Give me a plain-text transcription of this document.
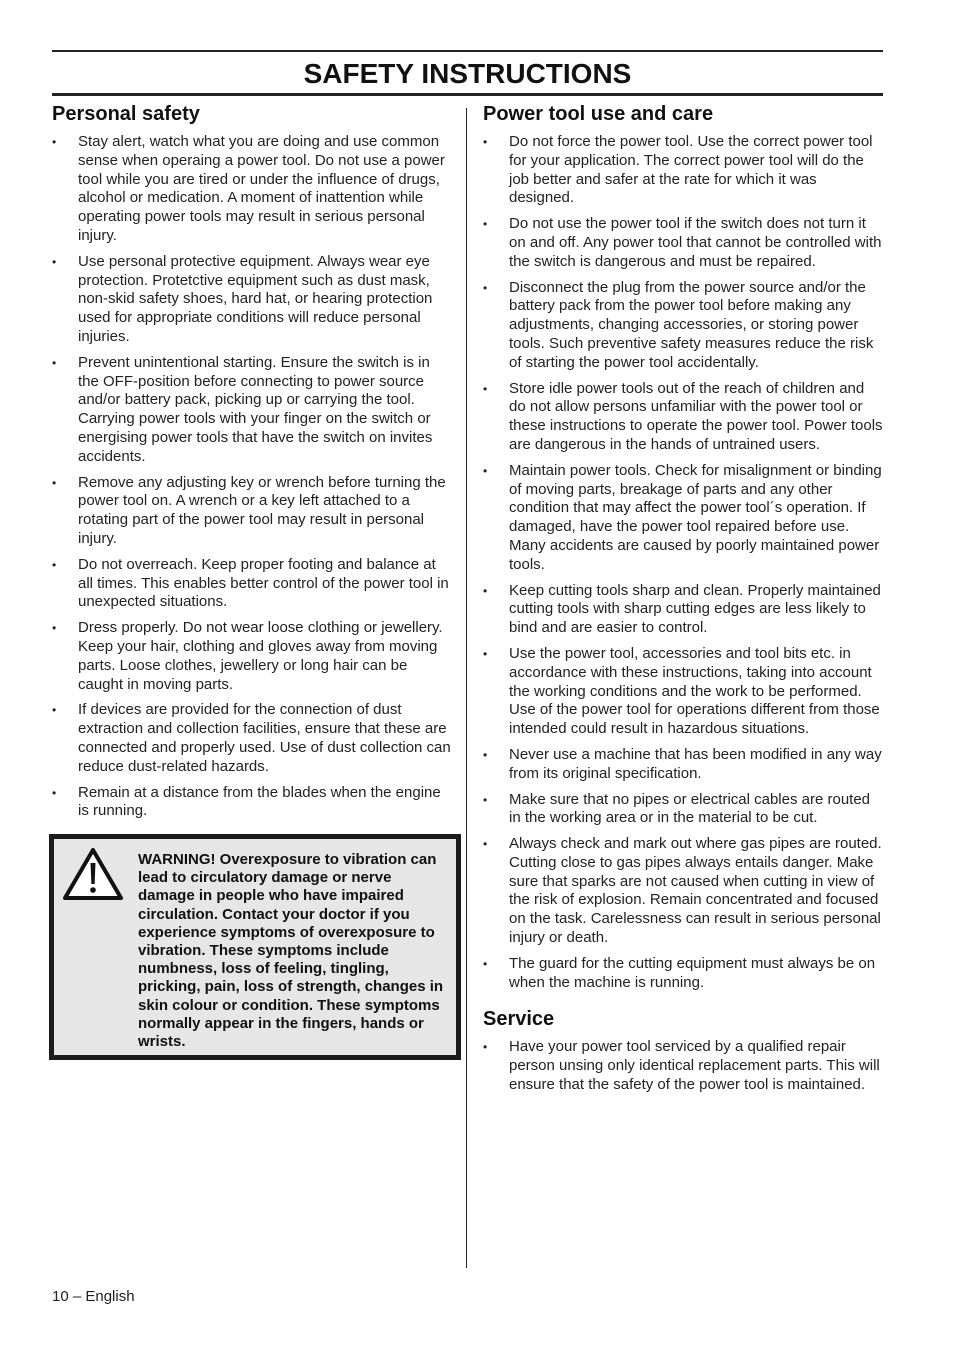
SAFETY INSTRUCTIONS
Personal safety
• Stay alert, watch what you are doing and use common sense when operaing a power tool. Do not use a power tool while you are tired or under the influence of drugs, alcohol or medication. A moment of inattention while operating power tools may result in serious personal injury.
• Use personal protective equipment. Always wear eye protection. Protetctive equipment such as dust mask, non-skid safety shoes, hard hat, or hearing protection used for appropriate conditions will reduce personal injuries.
• Prevent unintentional starting. Ensure the switch is in the OFF-position before connecting to power source and/or battery pack, picking up or carrying the tool. Carrying power tools with your finger on the switch or energising power tools that have the switch on invites accidents.
• Remove any adjusting key or wrench before turning the power tool on. A wrench or a key left attached to a rotating part of the power tool may result in personal injury.
• Do not overreach. Keep proper footing and balance at all times. This enables better control of the power tool in unexpected situations.
• Dress properly. Do not wear loose clothing or jewellery. Keep your hair, clothing and gloves away from moving parts. Loose clothes, jewellery or long hair can be caught in moving parts.
• If devices are provided for the connection of dust extraction and collection facilities, ensure that these are connected and properly used. Use of dust collection can reduce dust-related hazards.
• Remain at a distance from the blades when the engine is running.
WARNING! Overexposure to vibration can lead to circulatory damage or nerve damage in people who have impaired circulation. Contact your doctor if you experience symptoms of overexposure to vibration. These symptoms include numbness, loss of feeling, tingling, pricking, pain, loss of strength, changes in skin colour or condition. These symptoms normally appear in the fingers, hands or wrists.
Power tool use and care
• Do not force the power tool. Use the correct power tool for your application. The correct power tool will do the job better and safer at the rate for which it was designed.
• Do not use the power tool if the switch does not turn it on and off. Any power tool that cannot be controlled with the switch is dangerous and must be repaired.
• Disconnect the plug from the power source and/or the battery pack from the power tool before making any adjustments, changing accessories, or storing power tools. Such preventive safety measures reduce the risk of starting the power tool accidentally.
• Store idle power tools out of the reach of children and do not allow persons unfamiliar with the power tool or these instructions to operate the power tool. Power tools are dangerous in the hands of untrained users.
• Maintain power tools. Check for misalignment or binding of moving parts, breakage of parts and any other condition that may affect the power tool´s operation. If damaged, have the power tool repaired before use. Many accidents are caused by poorly maintained power tools.
• Keep cutting tools sharp and clean. Properly maintained cutting tools with sharp cutting edges are less likely to bind and are easier to control.
• Use the power tool, accessories and tool bits etc. in accordance with these instructions, taking into account the working conditions and the work to be performed. Use of the power tool for operations different from those intended could result in hazardous situations.
• Never use a machine that has been modified in any way from its original specification.
• Make sure that no pipes or electrical cables are routed in the working area or in the material to be cut.
• Always check and mark out where gas pipes are routed. Cutting close to gas pipes always entails danger. Make sure that sparks are not caused when cutting in view of the risk of explosion. Remain concentrated and focused on the task. Carelessness can result in serious personal injury or death.
• The guard for the cutting equipment must always be on when the machine is running.
Service
• Have your power tool serviced by a qualified repair person unsing only identical replacement parts. This will ensure that the safety of the power tool is maintained.
10 – English
